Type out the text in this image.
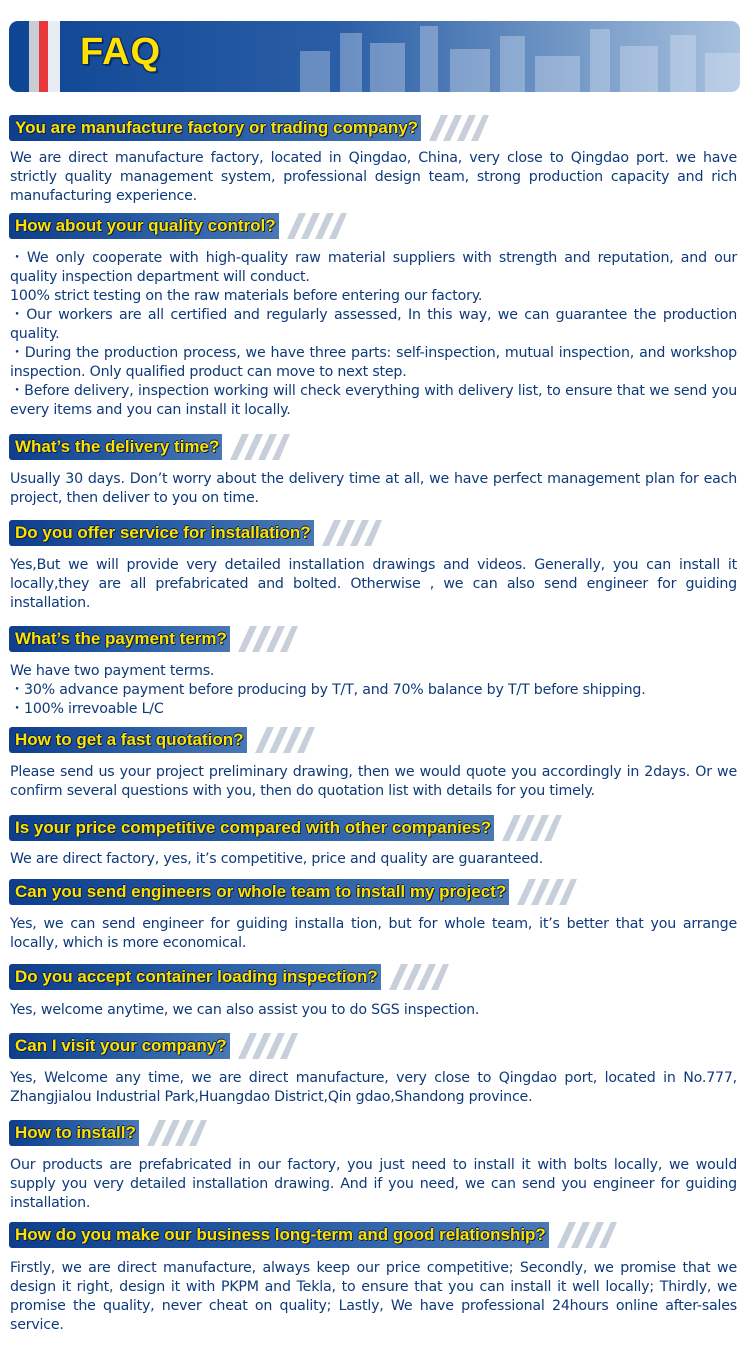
FAQ
You are manufacture factory or trading company?
We are direct manufacture factory, located in Qingdao, China, very close to Qingdao port. we have strictly quality management system, professional design team, strong production capacity and rich manufacturing experience.
How about your quality control?
・We only cooperate with high-quality raw material suppliers with strength and reputation, and our quality inspection department will conduct.
100% strict testing on the raw materials before entering our factory.
・Our workers are all certified and regularly assessed, In this way, we can guarantee the production quality.
・During the production process, we have three parts: self-inspection, mutual inspection, and workshop inspection. Only qualified product can move to next step.
・Before delivery, inspection working will check everything with delivery list, to ensure that we send you every items and you can install it locally.
What’s the delivery time?
Usually 30 days. Don’t worry about the delivery time at all, we have perfect management plan for each project, then deliver to you on time.
Do you offer service for installation?
Yes,But we will provide very detailed installation drawings and videos. Generally, you can install it locally,they are all prefabricated and bolted. Otherwise , we can also send engineer for guiding installation.
What’s the payment term?
We have two payment terms.
・30% advance payment before producing by T/T, and 70% balance by T/T before shipping.
・100% irrevoable L/C
How to get a fast quotation?
Please send us your project preliminary drawing, then we would quote you accordingly in 2days. Or we confirm several questions with you, then do quotation list with details for you timely.
Is your price competitive compared with other companies?
We are direct factory, yes, it’s competitive, price and quality are guaranteed.
Can you send engineers or whole team to install my project?
Yes, we can send engineer for guiding installa tion, but for whole team, it’s better that you arrange locally, which is more economical.
Do you accept container loading inspection?
Yes, welcome anytime, we can also assist you to do SGS inspection.
Can I visit your company?
Yes, Welcome any time, we are direct manufacture, very close to Qingdao port, located in No.777, Zhangjialou Industrial Park,Huangdao District,Qin gdao,Shandong province.
How to install?
Our products are prefabricated in our factory, you just need to install it with bolts locally, we would supply you very detailed installation drawing. And if you need, we can send you engineer for guiding installation.
How do you make our business long-term and good relationship?
Firstly, we are direct manufacture, always keep our price competitive; Secondly, we promise that we design it right, design it with PKPM and Tekla, to ensure that you can install it well locally; Thirdly, we promise the quality, never cheat on quality; Lastly, We have professional 24hours online after-sales service.
